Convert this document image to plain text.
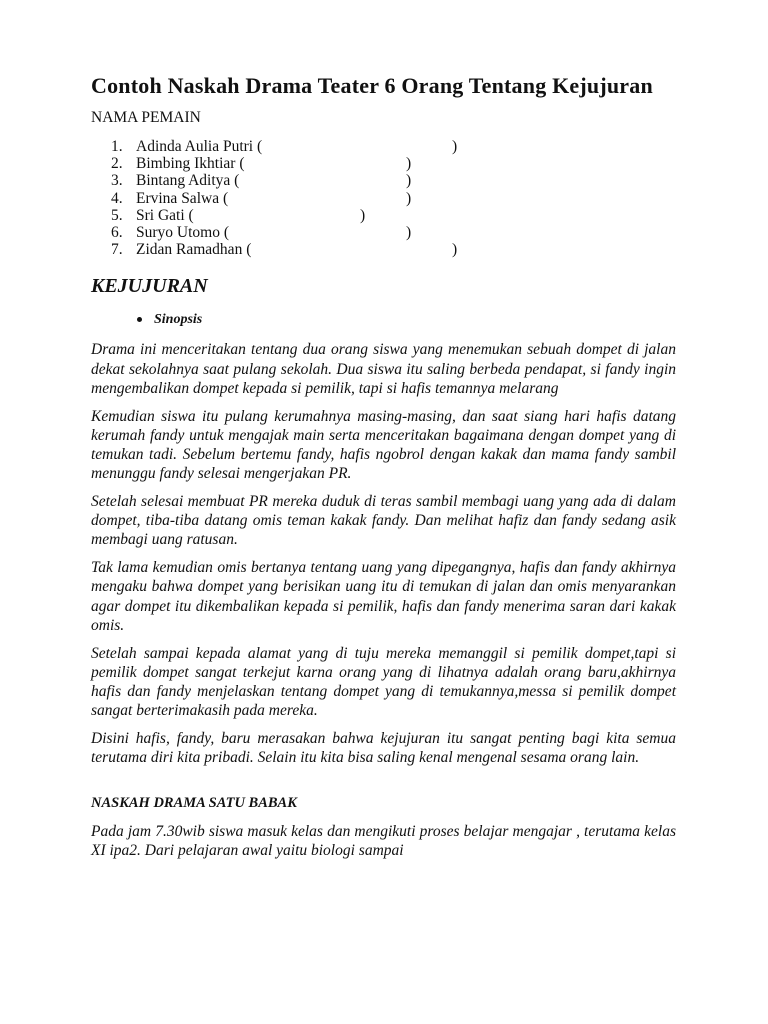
Contoh Naskah Drama Teater 6 Orang Tentang Kejujuran

NAMA PEMAIN

1. Adinda Aulia Putri (	)
2. Bimbing Ikhtiar (	)
3. Bintang Aditya (	)
4. Ervina Salwa (	)
5. Sri Gati (	)
6. Suryo Utomo (	)
7. Zidan Ramadhan (	)
KEJUJURAN
Sinopsis

Drama ini menceritakan tentang dua orang siswa yang menemukan sebuah dompet di jalan dekat sekolahnya saat pulang sekolah. Dua siswa itu saling berbeda pendapat, si fandy ingin mengembalikan dompet kepada si pemilik, tapi si hafis temannya melarang

Kemudian siswa itu pulang kerumahnya masing-masing, dan saat siang hari hafis datang kerumah fandy untuk mengajak main serta menceritakan bagaimana dengan dompet yang di temukan tadi. Sebelum bertemu fandy, hafis ngobrol dengan kakak dan mama fandy sambil menunggu fandy selesai mengerjakan PR.

Setelah selesai membuat PR mereka duduk di teras sambil membagi uang yang ada di dalam dompet, tiba-tiba datang omis teman kakak fandy. Dan melihat hafiz dan fandy sedang asik membagi uang ratusan.

Tak lama kemudian omis bertanya tentang uang yang dipegangnya, hafis dan fandy akhirnya mengaku bahwa dompet yang berisikan uang itu di temukan di jalan dan omis menyarankan agar dompet itu dikembalikan kepada si pemilik, hafis dan fandy menerima saran dari kakak omis.

Setelah sampai kepada alamat yang di tuju mereka memanggil si pemilik dompet,tapi si pemilik dompet sangat terkejut karna orang yang di lihatnya adalah orang baru,akhirnya hafis dan fandy menjelaskan tentang dompet yang di temukannya,messa si pemilik dompet sangat berterimakasih pada mereka.

Disini hafis, fandy, baru merasakan bahwa kejujuran itu sangat penting bagi kita semua terutama diri kita pribadi. Selain itu kita bisa saling kenal mengenal sesama orang lain.

NASKAH DRAMA SATU BABAK

Pada jam 7.30wib siswa masuk kelas dan mengikuti proses belajar mengajar , terutama kelas XI ipa2. Dari pelajaran awal yaitu biologi sampai
